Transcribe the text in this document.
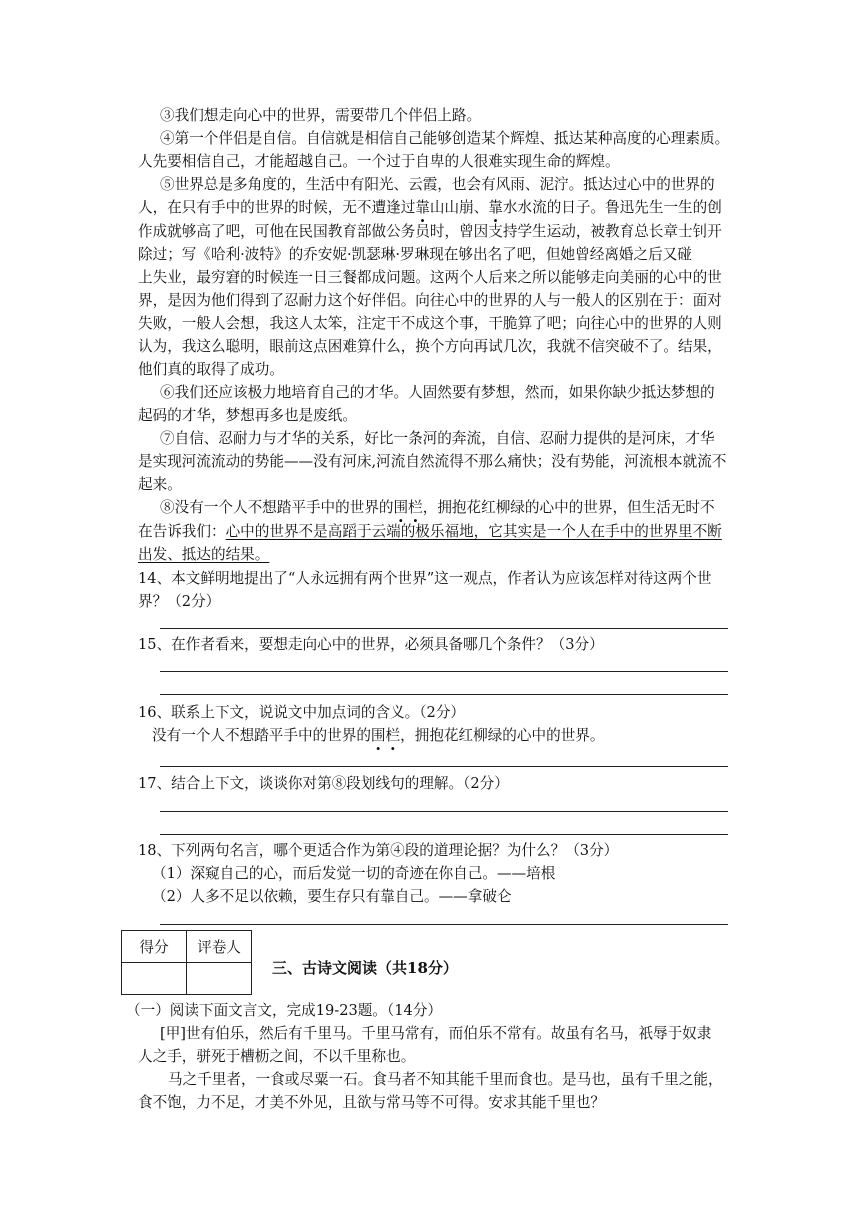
③我们想走向心中的世界，需要带几个伴侣上路。
④第一个伴侣是自信。自信就是相信自己能够创造某个辉煌、抵达某种高度的心理素质。
人先要相信自己，才能超越自己。一个过于自卑的人很难实现生命的辉煌。
⑤世界总是多角度的，生活中有阳光、云霞，也会有风雨、泥泞。抵达过心中的世界的
人，在只有手中的世界的时候，无不遭逢过靠山山崩、靠水水流的日子。鲁迅先生一生的创
作成就够高了吧，可他在民国教育部做公务员时，曾因支持学生运动，被教育总长章士钊开
除过；写《哈利·波特》的乔安妮·凯瑟琳·罗琳现在够出名了吧，但她曾经离婚之后又碰
上失业，最穷窘的时候连一日三餐都成问题。这两个人后来之所以能够走向美丽的心中的世
界，是因为他们得到了忍耐力这个好伴侣。向往心中的世界的人与一般人的区别在于：面对
失败，一般人会想，我这人太笨，注定干不成这个事，干脆算了吧；向往心中的世界的人则
认为，我这么聪明，眼前这点困难算什么，换个方向再试几次，我就不信突破不了。结果，
他们真的取得了成功。
⑥我们还应该极力地培育自己的才华。人固然要有梦想，然而，如果你缺少抵达梦想的
起码的才华，梦想再多也是废纸。
⑦自信、忍耐力与才华的关系，好比一条河的奔流，自信、忍耐力提供的是河床，才华
是实现河流流动的势能——没有河床,河流自然流得不那么痛快；没有势能，河流根本就流不
起来。
⑧没有一个人不想踏平手中的世界的围栏，拥抱花红柳绿的心中的世界，但生活无时不
在告诉我们：心中的世界不是高蹈于云端的极乐福地，它其实是一个人在手中的世界里不断
出发、抵达的结果。
14、本文鲜明地提出了“人永远拥有两个世界”这一观点，作者认为应该怎样对待这两个世
界？（2分）
15、在作者看来，要想走向心中的世界，必须具备哪几个条件？（3分）
16、联系上下文，说说文中加点词的含义。（2分）
没有一个人不想踏平手中的世界的围栏，拥抱花红柳绿的心中的世界。
17、结合上下文，谈谈你对第⑧段划线句的理解。（2分）
18、下列两句名言，哪个更适合作为第④段的道理论据？为什么？（3分）
（1）深窥自己的心，而后发觉一切的奇迹在你自己。——培根
（2）人多不足以依赖，要生存只有靠自己。——拿破仑
得分	评卷人

三、古诗文阅读（共18分）
（一）阅读下面文言文，完成19-23题。（14分）
[甲]世有伯乐，然后有千里马。千里马常有，而伯乐不常有。故虽有名马，祇辱于奴隶
人之手，骈死于槽枥之间，不以千里称也。
马之千里者，一食或尽粟一石。食马者不知其能千里而食也。是马也，虽有千里之能，
食不饱，力不足，才美不外见，且欲与常马等不可得。安求其能千里也？
